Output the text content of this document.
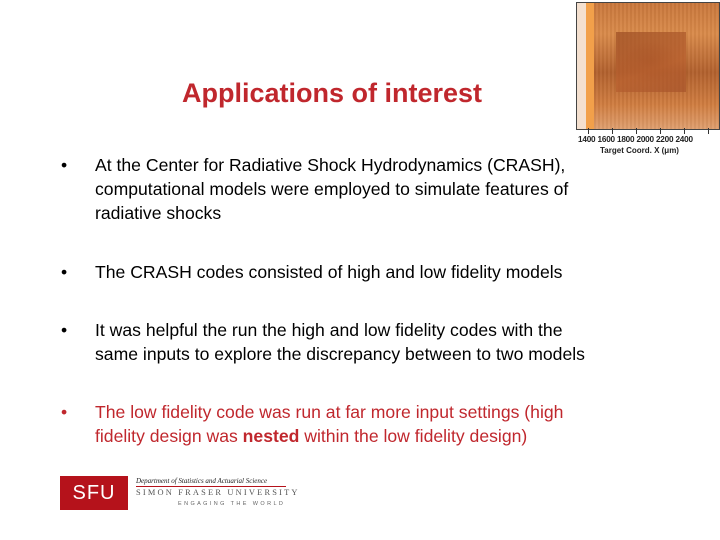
1400 1600 1800 2000 2200 2400
Target Coord. X (μm)
Applications of interest
• At the Center for Radiative Shock Hydrodynamics (CRASH),
computational models were employed to simulate features of
radiative shocks
• The CRASH codes consisted of high and low fidelity models
• It was helpful the run the high and low fidelity codes with the
same inputs to explore the discrepancy between to two models
• The low fidelity code was run at far more input settings (high
fidelity design was nested within the low fidelity design)
SFU
Department of Statistics and Actuarial Science
SIMON FRASER UNIVERSITY
ENGAGING THE WORLD
